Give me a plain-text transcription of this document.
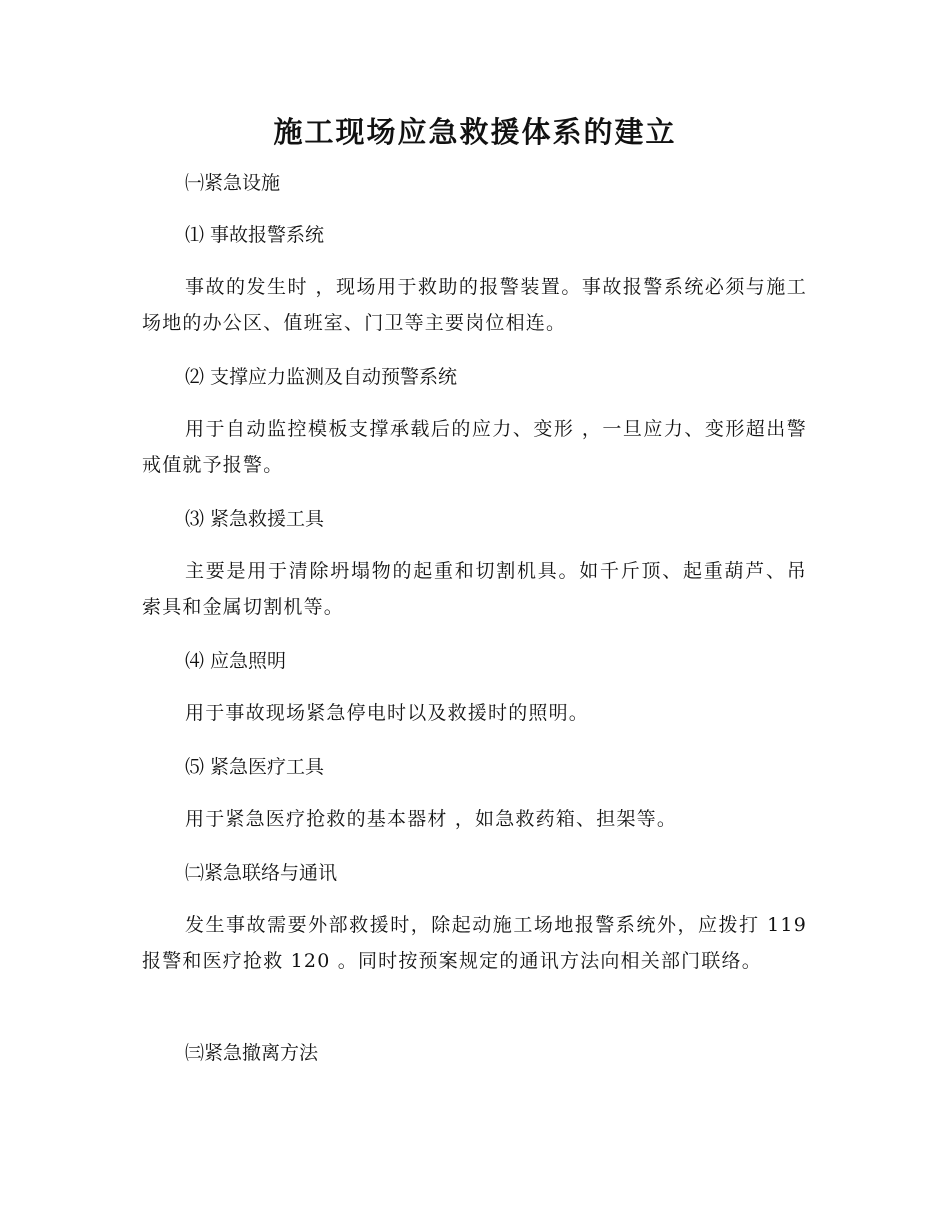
施工现场应急救援体系的建立

㈠紧急设施

⑴ 事故报警系统

事故的发生时 ，现场用于救助的报警装置。事故报警系统必须与施工场地的办公区、值班室、门卫等主要岗位相连。

⑵ 支撑应力监测及自动预警系统

用于自动监控模板支撑承载后的应力、变形 ，一旦应力、变形超出警戒值就予报警。

⑶ 紧急救援工具

主要是用于清除坍塌物的起重和切割机具。如千斤顶、起重葫芦、吊索具和金属切割机等。

⑷ 应急照明

用于事故现场紧急停电时以及救援时的照明。

⑸ 紧急医疗工具

用于紧急医疗抢救的基本器材 ，如急救药箱、担架等。

㈡紧急联络与通讯

发生事故需要外部救援时，除起动施工场地报警系统外，应拨打 119 报警和医疗抢救 120 。同时按预案规定的通讯方法向相关部门联络。

㈢紧急撤离方法
